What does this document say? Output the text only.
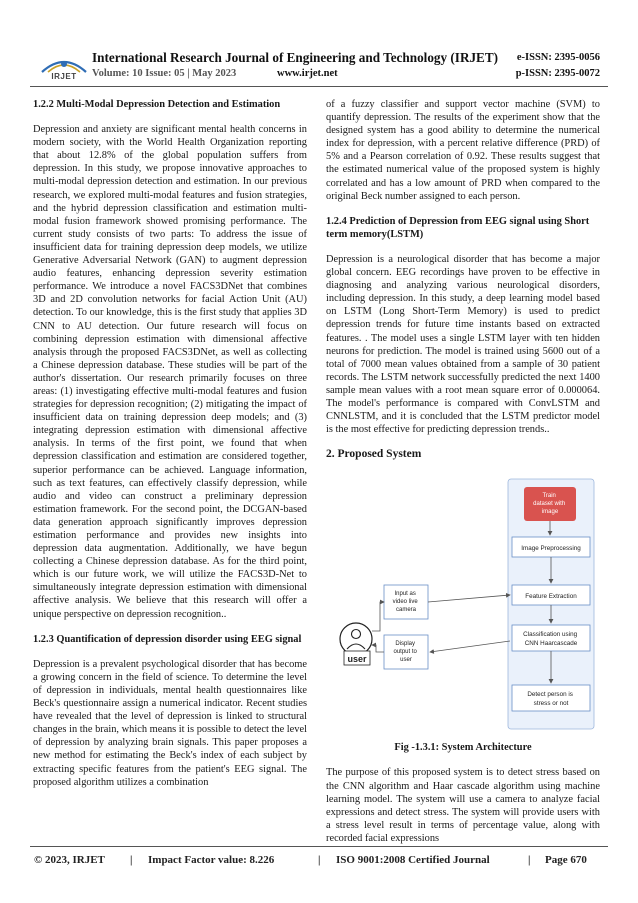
IRJET
International Research Journal of Engineering and Technology (IRJET) e-ISSN: 2395-0056
Volume: 10 Issue: 05 | May 2023	www.irjet.net	p-ISSN: 2395-0072
1.2.2 Multi-Modal Depression Detection and Estimation

Depression and anxiety are significant mental health concerns in modern society, with the World Health Organization reporting that about 12.8% of the global population suffers from depression. In this study, we propose innovative approaches to multi-modal depression detection and estimation. In our previous research, we explored multi-modal features and fusion strategies, and the hybrid depression classification and estimation multi-modal fusion framework showed promising performance. The current study consists of two parts: To address the issue of insufficient data for training depression deep models, we utilize Generative Adversarial Network (GAN) to augment depression audio features, enhancing depression severity estimation performance. We introduce a novel FACS3DNet that combines 3D and 2D convolution networks for facial Action Unit (AU) detection. To our knowledge, this is the first study that applies 3D CNN to AU detection. Our future research will focus on combining depression estimation with dimensional affective analysis through the proposed FACS3DNet, as well as collecting a Chinese depression database. These studies will be part of the author's dissertation. Our research primarily focuses on three areas: (1) investigating effective multi-modal features and fusion strategies for depression recognition; (2) mitigating the impact of insufficient data on training depression deep models; and (3) integrating depression estimation with dimensional affective analysis. In terms of the first point, we found that when depression classification and estimation are considered together, superior performance can be achieved. Language information, such as text features, can effectively classify depression, while audio and video can construct a preliminary depression estimation framework. For the second point, the DCGAN-based data generation approach significantly improves depression estimation performance and provides new insights into depression data augmentation. Additionally, we have begun collecting a Chinese depression database. As for the third point, which is our future work, we will utilize the FACS3D-Net to simultaneously integrate depression estimation with dimensional affective analysis. We believe that this research will offer a unique perspective on depression recognition..

1.2.3 Quantification of depression disorder using EEG signal

Depression is a prevalent psychological disorder that has become a growing concern in the field of science. To determine the level of depression in individuals, mental health questionnaires like Beck's questionnaire assign a numerical indicator. Recent studies have revealed that the level of depression is linked to structural changes in the brain, which means it is possible to detect the level of depression by analyzing brain signals. This paper proposes a new method for estimating the Beck's index of each subject by extracting specific features from the patient's EEG signal. The proposed algorithm utilizes a combination

of a fuzzy classifier and support vector machine (SVM) to quantify depression. The results of the experiment show that the designed system has a good ability to determine the numerical index for depression, with a percent relative difference (PRD) of 5% and a Pearson correlation of 0.92. These results suggest that the estimated numerical value of the proposed system is highly correlated and has a low amount of PRD when compared to the original Beck number assigned to each person.

1.2.4 Prediction of Depression from EEG signal using Short term memory(LSTM)

Depression is a neurological disorder that has become a major global concern. EEG recordings have proven to be effective in diagnosing and analyzing various neurological disorders, including depression. In this study, a deep learning model based on LSTM (Long Short-Term Memory) is used to predict depression trends for future time instants based on extracted features. . The model uses a single LSTM layer with ten hidden neurons for prediction. The model is trained using 5600 out of a total of 7000 mean values obtained from a sample of 30 patient records. The LSTM network successfully predicted the next 1400 sample mean values with a root mean square error of 0.000064. The model's performance is compared with ConvLSTM and CNNLSTM, and it is concluded that the LSTM predictor model is the most effective for predicting depression trends..

2. Proposed System
Train dataset with image
Image Preprocessing
Feature Extraction
Classification using CNN Haarcascade
Detect person is stress or not
Input as video live camera
Display output to user
user
Fig -1.3.1: System Architecture

The purpose of this proposed system is to detect stress based on the CNN algorithm and Haar cascade algorithm using machine learning model. The system will use a camera to analyze facial expressions and detect stress. The system will provide users with a stress level result in terms of percentage value, along with recorded facial expressions

© 2023, IRJET | Impact Factor value: 8.226	| ISO 9001:2008 Certified Journal	| Page 670
